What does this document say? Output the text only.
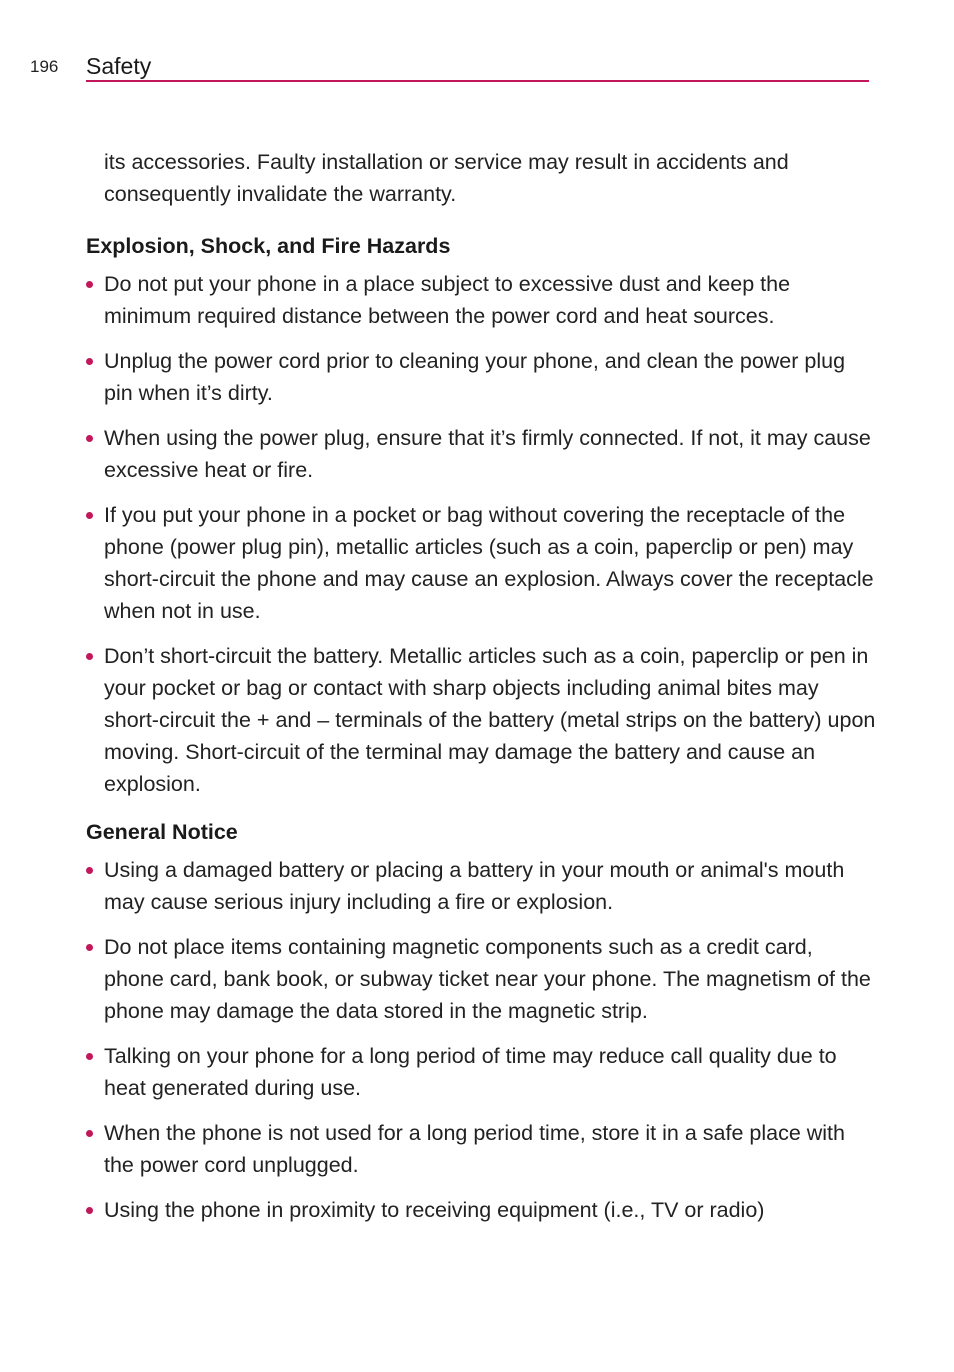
196 Safety

its accessories. Faulty installation or service may result in accidents and consequently invalidate the warranty.

Explosion, Shock, and Fire Hazards
Do not put your phone in a place subject to excessive dust and keep the minimum required distance between the power cord and heat sources.
Unplug the power cord prior to cleaning your phone, and clean the power plug pin when it’s dirty.
When using the power plug, ensure that it’s firmly connected. If not, it may cause excessive heat or fire.
If you put your phone in a pocket or bag without covering the receptacle of the phone (power plug pin), metallic articles (such as a coin, paperclip or pen) may short-circuit the phone and may cause an explosion. Always cover the receptacle when not in use.
Don’t short-circuit the battery. Metallic articles such as a coin, paperclip or pen in your pocket or bag or contact with sharp objects including animal bites may short-circuit the + and – terminals of the battery (metal strips on the battery) upon moving. Short-circuit of the terminal may damage the battery and cause an explosion.
General Notice
Using a damaged battery or placing a battery in your mouth or animal's mouth may cause serious injury including a fire or explosion.
Do not place items containing magnetic components such as a credit card, phone card, bank book, or subway ticket near your phone. The magnetism of the phone may damage the data stored in the magnetic strip.
Talking on your phone for a long period of time may reduce call quality due to heat generated during use.
When the phone is not used for a long period time, store it in a safe place with the power cord unplugged.
Using the phone in proximity to receiving equipment (i.e., TV or radio)
